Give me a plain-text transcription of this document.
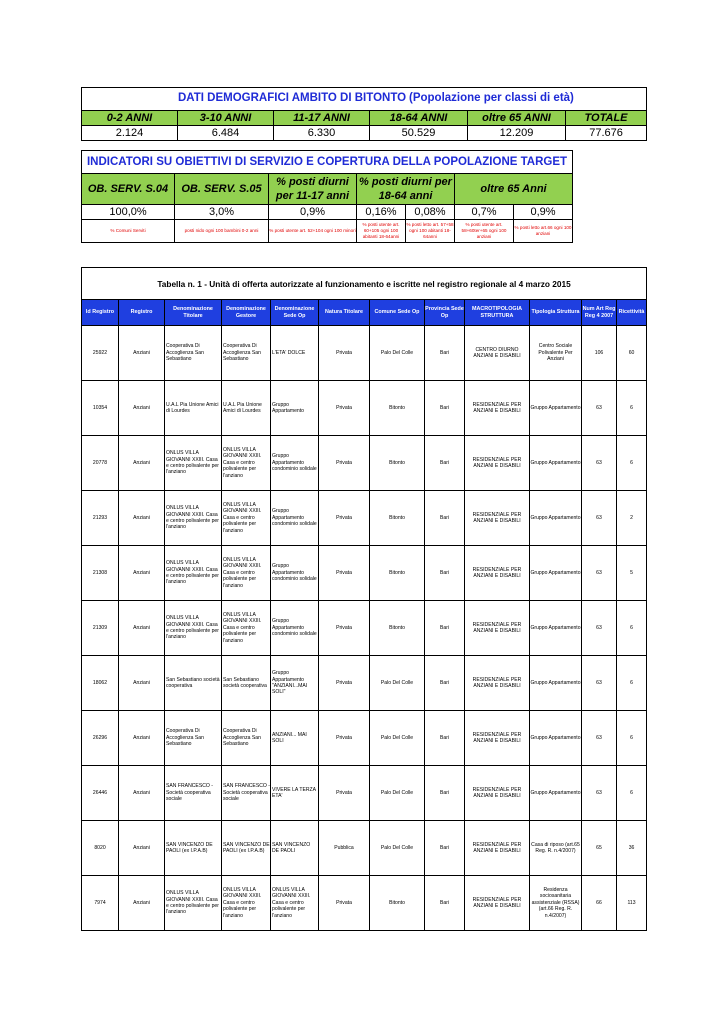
DATI DEMOGRAFICI AMBITO DI BITONTO (Popolazione per classi di età)					

0-2 ANNI	3-10 ANNI	11-17 ANNI	18-64 ANNI	oltre 65 ANNI	TOTALE
2.124	6.484	6.330	50.529	12.209	77.676
INDICATORI SU OBIETTIVI DI SERVIZIO E COPERTURA DELLA POPOLAZIONE TARGET						
OB. SERV. S.04	OB. SERV. S.05	% posti diurni per 11-17 anni	% posti diurni per 18-64 anni		oltre 65 Anni	
100,0%	3,0%	0,9%	0,16%	0,08%	0,7%	0,9%
% Comuni Serviti	posti nido ogni 100 bambini 0-2 anni	% posti utente art. 52+104 ogni 100 minori	% posti utente art. 60+105 ogni 100 abitanti 18-64anni	% posti letto art. 57+58 ogni 100 abitanti 18-64anni	% posti utente art. 58+60ter+65 ogni 100 anziani	% posti letto art.66 ogni 100 anziani
Tabella n. 1 - Unità di offerta autorizzate al funzionamento e iscritte nel registro regionale al 4 marzo 2015											
Id Registro	Registro	Denominazione Titolare	Denominazione Gestore	Denominazione Sede Op	Natura Titolare	Comune Sede Op	Provincia Sede Op	MACROTIPOLOGIA STRUTTURA	Tipologia Struttura	Num Art Reg Reg 4 2007	Ricettività
25922	Anziani	Cooperativa Di Accoglienza San Sebastiano	Cooperativa Di Accoglienza San Sebastiano	L'ETA' DOLCE	Privata	Palo Del Colle	Bari	CENTRO DIURNO ANZIANI E DISABILI	Centro Sociale Polivalente Per Anziani	106	60
10354	Anziani	U.A.L Pia Unione Amici di Lourdes	U.A.L Pia Unione Amici di Lourdes	Gruppo Appartamento	Privata	Bitonto	Bari	RESIDENZIALE PER ANZIANI E DISABILI	Gruppo Appartamento	63	6
20778	Anziani	ONLUS VILLA GIOVANNI XXIII. Casa e centro polivalente per l'anziano	ONLUS VILLA GIOVANNI XXIII. Casa e centro polivalente per l'anziano	Gruppo Appartamento condominio solidale	Privata	Bitonto	Bari	RESIDENZIALE PER ANZIANI E DISABILI	Gruppo Appartamento	63	6
21293	Anziani	ONLUS VILLA GIOVANNI XXIII. Casa e centro polivalente per l'anziano	ONLUS VILLA GIOVANNI XXIII. Casa e centro polivalente per l'anziano	Gruppo Appartamento condominio solidale	Privata	Bitonto	Bari	RESIDENZIALE PER ANZIANI E DISABILI	Gruppo Appartamento	63	2
21308	Anziani	ONLUS VILLA GIOVANNI XXIII. Casa e centro polivalente per l'anziano	ONLUS VILLA GIOVANNI XXIII. Casa e centro polivalente per l'anziano	Gruppo Appartamento condominio solidale	Privata	Bitonto	Bari	RESIDENZIALE PER ANZIANI E DISABILI	Gruppo Appartamento	63	5
21309	Anziani	ONLUS VILLA GIOVANNI XXIII. Casa e centro polivalente per l'anziano	ONLUS VILLA GIOVANNI XXIII. Casa e centro polivalente per l'anziano	Gruppo Appartamento condominio solidale	Privata	Bitonto	Bari	RESIDENZIALE PER ANZIANI E DISABILI	Gruppo Appartamento	63	6
18062	Anziani	San Sebastiano società cooperativa	San Sebastiano società cooperativa	Gruppo Appartamento "ANZIANI...MAI SOLI"	Privata	Palo Del Colle	Bari	RESIDENZIALE PER ANZIANI E DISABILI	Gruppo Appartamento	63	6
26296	Anziani	Cooperativa Di Accoglienza San Sebastiano	Cooperativa Di Accoglienza San Sebastiano	ANZIANI... MAI SOLI	Privata	Palo Del Colle	Bari	RESIDENZIALE PER ANZIANI E DISABILI	Gruppo Appartamento	63	6
26446	Anziani	SAN FRANCESCO - Società cooperativa sociale	SAN FRANCESCO - Società cooperativa sociale	VIVERE LA TERZA ETA'	Privata	Palo Del Colle	Bari	RESIDENZIALE PER ANZIANI E DISABILI	Gruppo Appartamento	63	6
8020	Anziani	SAN VINCENZO DE PAOLI (ex I.P.A.B)	SAN VINCENZO DE PAOLI (ex I.P.A.B)	SAN VINCENZO DE PAOLI	Pubblica	Palo Del Colle	Bari	RESIDENZIALE PER ANZIANI E DISABILI	Casa di riposo (art.65 Reg. R. n.4/2007)	65	36
7974	Anziani	ONLUS VILLA GIOVANNI XXIII. Casa e centro polivalente per l'anziano	ONLUS VILLA GIOVANNI XXIII. Casa e centro polivalente per l'anziano	ONLUS VILLA GIOVANNI XXIII. Casa e centro polivalente per l'anziano	Privata	Bitonto	Bari	RESIDENZIALE PER ANZIANI E DISABILI	Residenza sociosanitaria assistenziale (RSSA) (art.66 Reg. R. n.4/2007)	66	113
